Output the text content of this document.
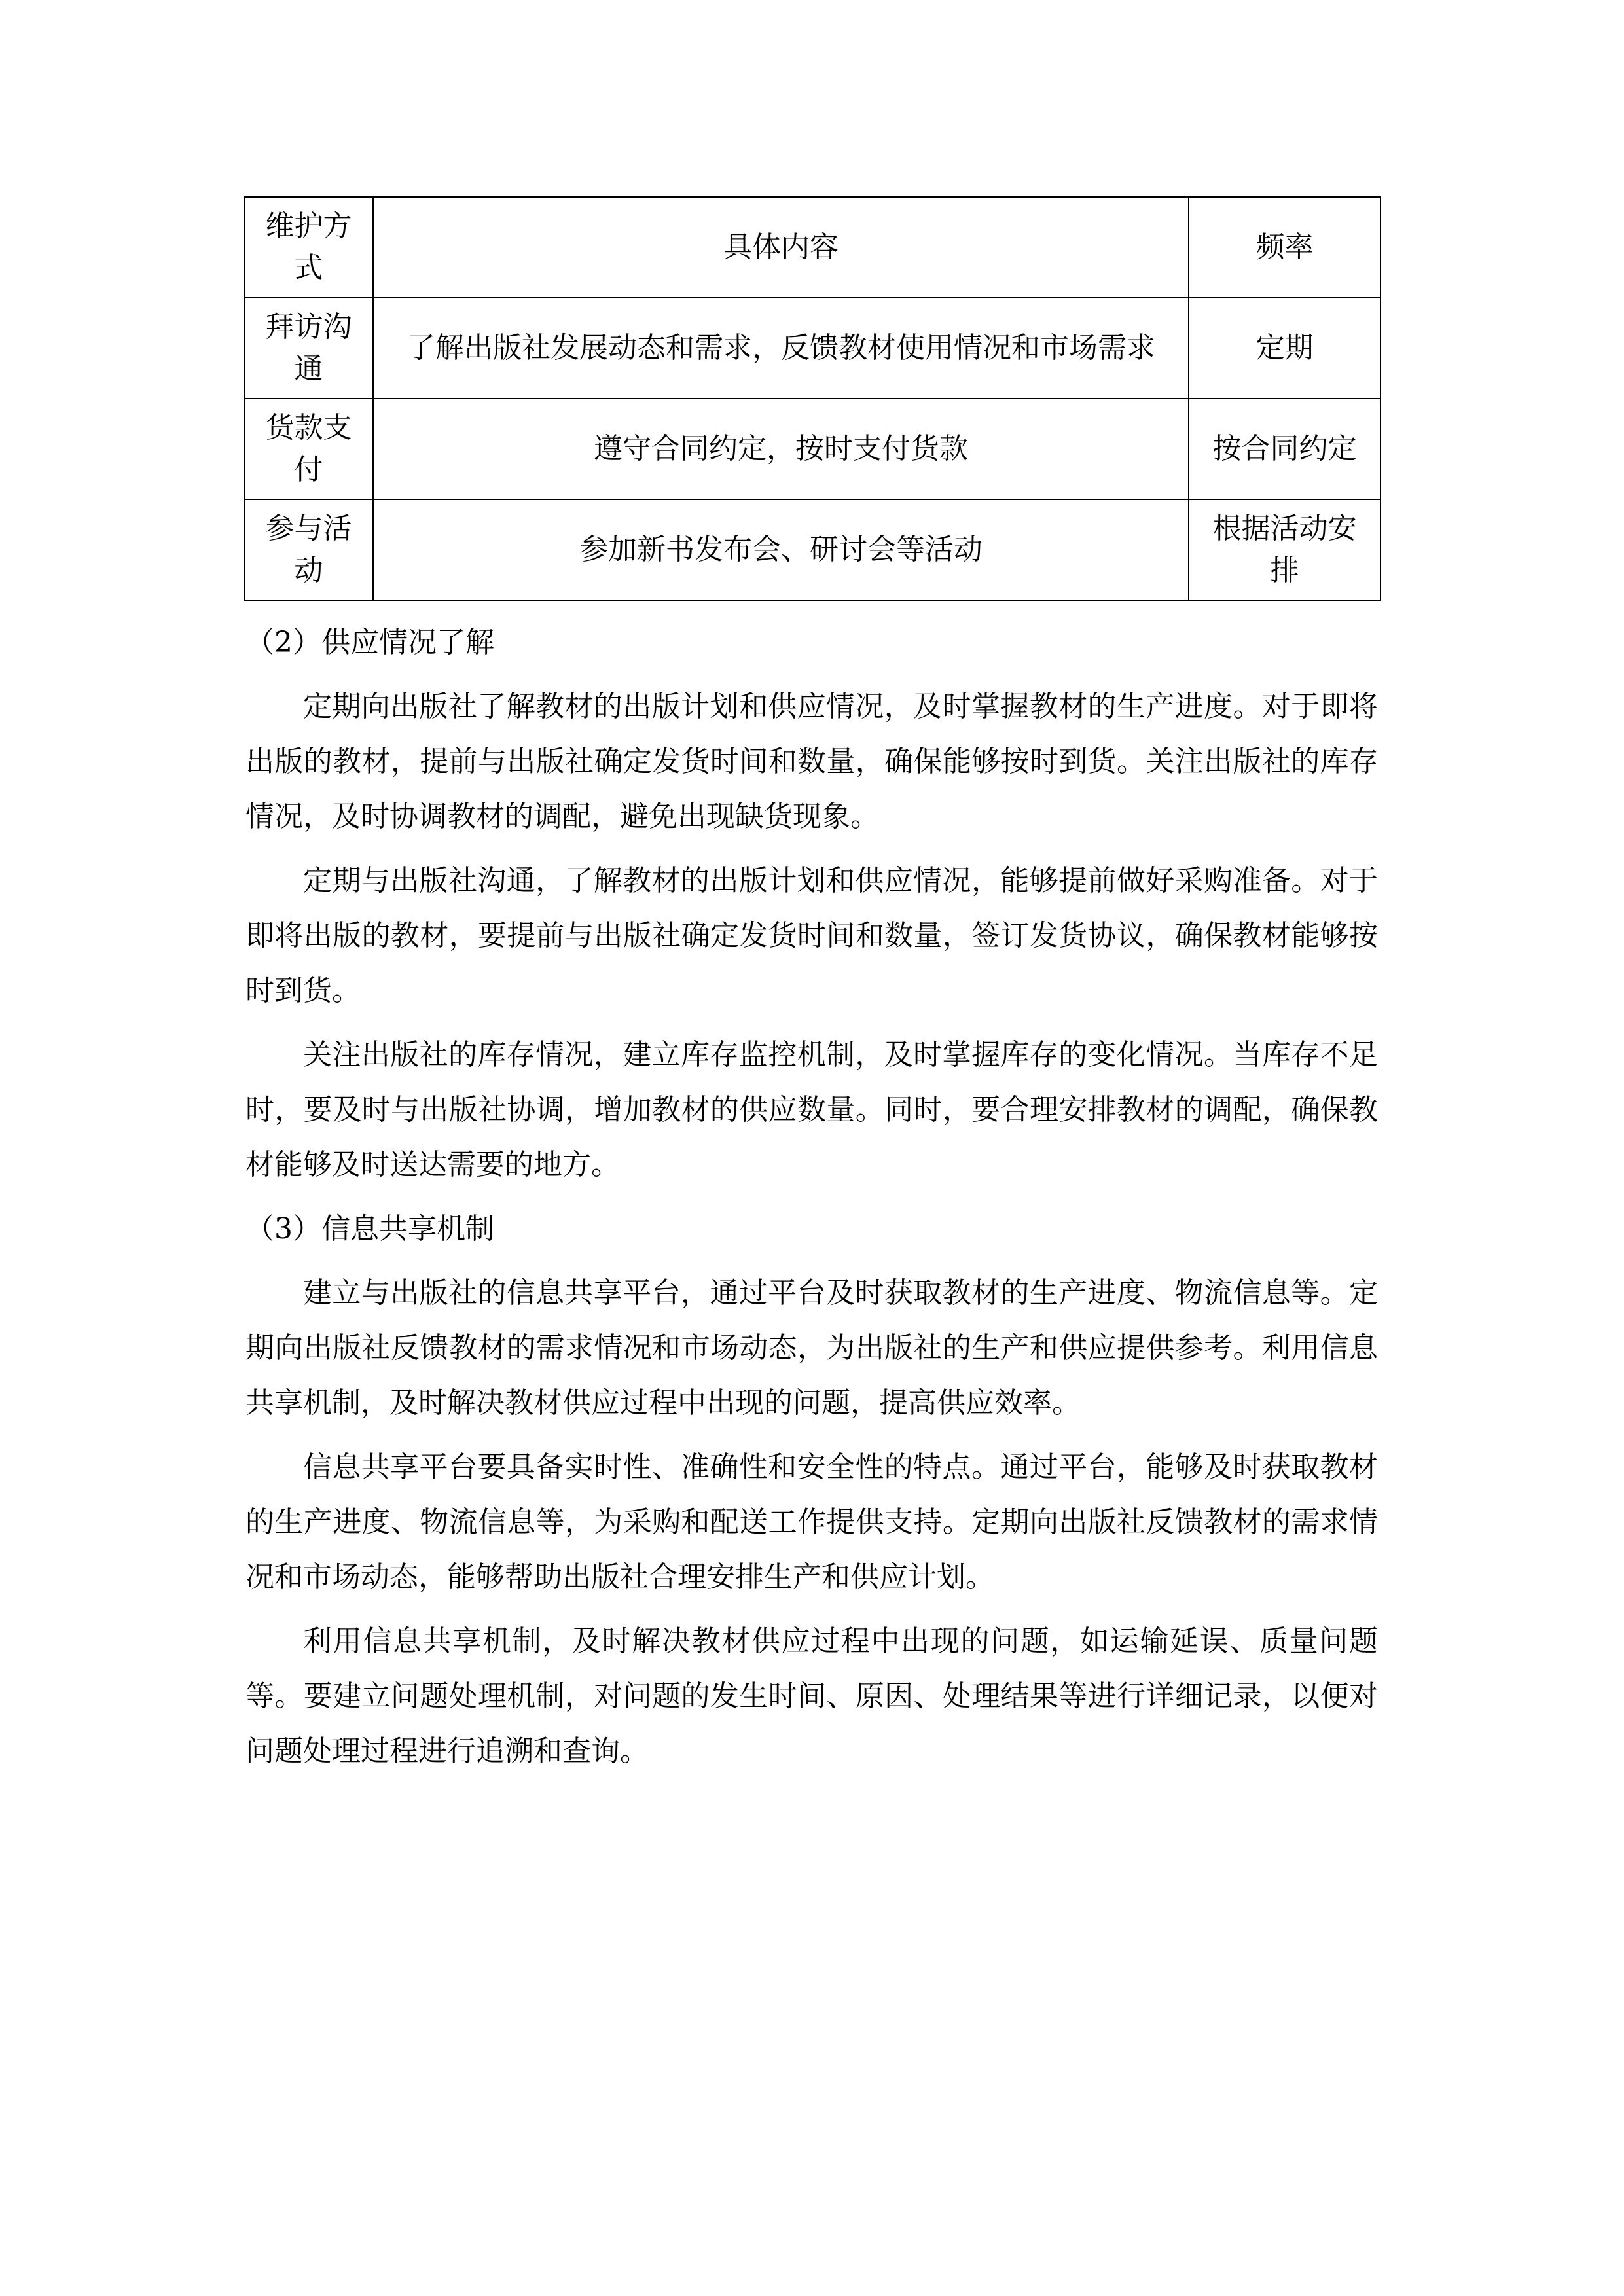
维护方式	具体内容	频率
拜访沟通	了解出版社发展动态和需求，反馈教材使用情况和市场需求	定期
货款支付	遵守合同约定，按时支付货款	按合同约定
参与活动	参加新书发布会、研讨会等活动	根据活动安排

（2）供应情况了解

定期向出版社了解教材的出版计划和供应情况，及时掌握教材的生产进度。对于即将出版的教材，提前与出版社确定发货时间和数量，确保能够按时到货。关注出版社的库存情况，及时协调教材的调配，避免出现缺货现象。

定期与出版社沟通，了解教材的出版计划和供应情况，能够提前做好采购准备。对于即将出版的教材，要提前与出版社确定发货时间和数量，签订发货协议，确保教材能够按时到货。

关注出版社的库存情况，建立库存监控机制，及时掌握库存的变化情况。当库存不足时，要及时与出版社协调，增加教材的供应数量。同时，要合理安排教材的调配，确保教材能够及时送达需要的地方。

（3）信息共享机制

建立与出版社的信息共享平台，通过平台及时获取教材的生产进度、物流信息等。定期向出版社反馈教材的需求情况和市场动态，为出版社的生产和供应提供参考。利用信息共享机制，及时解决教材供应过程中出现的问题，提高供应效率。

信息共享平台要具备实时性、准确性和安全性的特点。通过平台，能够及时获取教材的生产进度、物流信息等，为采购和配送工作提供支持。定期向出版社反馈教材的需求情况和市场动态，能够帮助出版社合理安排生产和供应计划。

利用信息共享机制，及时解决教材供应过程中出现的问题，如运输延误、质量问题等。要建立问题处理机制，对问题的发生时间、原因、处理结果等进行详细记录，以便对问题处理过程进行追溯和查询。
